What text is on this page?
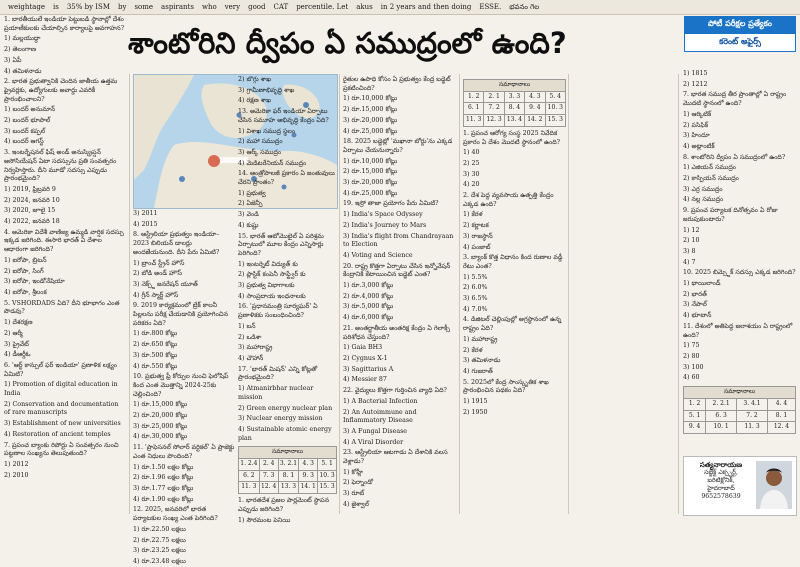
weightage is 35% by ISM by some aspirants who very good CAT percentile. Let akus in 2 years and then doing ESSE. భవనం గెల
శాంటోరిని ద్వీపం ఏ సముద్రంలో ఉంది?
పోటీ పరీక్షల ప్రత్యేకం
కరెంట్ అఫైర్స్

1. బారతీయులే ఇండియా పెట్టుబడి స్థానాల్లో దేశం ప్రయాణీకులకు చేయాల్సిన కార్యాలపై అవగాహన?

1) మల్లయుద్ధా

2) తెలంగాణ

3) ఏపీ

4) తమిళనాడు

2. భారత ప్రభుత్వానికి చెందిన జాతీయ ఉత్తమ ఫ్రైవర్లకు, ఉద్యోగులకు అవార్డు ఎవరికీ ప్రారంభించాలని?

1) బందర్ అనుమాన్

2) బందర్ భూపాల్

3) బందర్ కప్పల్

4) బందర్ ఆగస్ట్

3. ఇంటర్నేషనల్ ఫిష్ అండ్ అనుస్క్రిప్షన్ అసోసియేషన్ ఏటా సదస్సును ప్రతి సంవత్సరం నిర్వహిస్తారు. దీని మూడో సదస్సు ఎప్పుడు ప్రారంభమైంది?

1) 2019, ఫ్రిబ్రవరి 9

2) 2024, జనవరి 10

3) 2020, జూలై 15

4) 2022, జనవరి 18

4. అమెరికా విదేశీ వాణిజ్య ఉమ్మడి వార్షిక సదస్సు ఇక్కడ జరిగింది. ఈసారి భారత్ ఏ దేశాల ఆధారంగా జరిగింది?

1) ఐరోపా, బ్రిటన్

2) ఐరోపా, సింగ్

3) ఐరోపా, ఇండోనేషియా

4) ఐరోపా, శ్రీలంక

5. VSHORDADS ఏది? దీని భూభాగం ఎంత పొడవు?

1) దేశరక్షణ

2) ఆర్మీ

3) ప్రైవేట్

4) డీఆర్డీఓ

6. 'ఆర్ట్ కాన్సుల్ ఫర్ ఇండియా' ప్రణాళిక లక్ష్యం ఏమిటి?

1) Promotion of digital education in India

2) Conservation and documentation of rare manuscripts

3) Establishment of new universities

4) Restoration of ancient temples

7. ప్రపంచ బ్యాంకు రిపోర్టు ఏ సంవత్సరం నుంచి పట్టణాల సంఖ్యను తెలుపుతుంది?

1) 2012

2) 2010

3) 2011

4) 2015

8. ఆస్ట్రేలియా ప్రభుత్వం ఇండియా–2023 బిలియన్ డాలర్లు అందజేయనుంది. దీని పేరు ఏమిటి?

1) బ్రాంచ్ స్ట్రీన్ హౌస్

2) బోడి అండ్ హౌస్

3) నెక్స్ట్ జనరేషన్ యూత్

4) గ్రీన్ స్మార్ట్ హౌస్

9. 2019 కార్యక్రమంలో బ్రేక్ కాలనీ పిల్లలను పరీక్ష చేయడానికి ప్రయోగించిన పరికరం ఏది?

1) రూ.800 కోట్లు

2) రూ.650 కోట్లు

3) రూ.500 కోట్లు

4) రూ.550 కోట్లు

10. ప్రభుత్వ ఫ్రీ కోర్సుల నుంచి ఫెలోషిప్ కింద ఎంత మొత్తాన్ని 2024-25కు చెల్లించింది?

1) రూ.15,000 కోట్లు

2) రూ.20,000 కోట్లు

3) రూ.25,000 కోట్లు

4) రూ.30,000 కోట్లు

11. 'ప్రాఫెసనల్ సోలార్ వర్టికల్' ఏ ప్రాజెక్టు ఎంత నిధులు పొందింది?

1) రూ.1.50 లక్షల కోట్లు

2) రూ.1.96 లక్షల కోట్లు

3) రూ.1.77 లక్షల కోట్లు

4) రూ.1.90 లక్షల కోట్లు

12. 2025, జనవరిలో భారత పర్యాటకుల సంఖ్య ఎంత పెరిగింది?

1) రూ.22.50 లక్షలు

2) రూ.22.75 లక్షలు

3) రూ.23.25 లక్షలు

4) రూ.23.48 లక్షలు

2) బొగ్గు శాఖ

3) గ్రామీణాభివృద్ధి శాఖ

4) రక్షణ శాఖ

13. అమెరికా ఫర్ ఇండియా ఏర్పాటు చేసిన సమూహ అభివృద్ధి కేంద్రం ఏది?

1) విశాఖ సముద్ర స్థలం

2) మహా సముద్రం

3) ఆర్క్ సముద్రం

4) మెడిటరేనియన్ సముద్రం

14. ఆంత్రోపాలజీ ప్రకారం ఏ జంతువులు చేరని ప్రాంతం?

1) ప్రభుత్వ

2) ఏజెన్సీ

3) వెండి

4) కుష్టు

15. భారత్ ఆటోమొబైల్ ఏ పరిశ్రమ ఏర్పాటులో మూల కేంద్రం ఎన్నిసార్లు పెరిగింది?

1) ఇంటర్నెట్ విద్యుత్ కు

2) ప్లాస్టిక్ కంపెనీ సాఫ్ట్వేర్ కు

3) ప్రభుత్వ విభాగాలకు

4) సాంప్రదాయ ఇంధనాలకు

16. 'ప్రధానమంత్రి సూర్యఘర్' ఏ ప్రణాళికకు సంబంధించింది?

1) బన్

2) ఒడిశా

3) మహారాష్ట్ర

4) చౌహాన్

17. 'భారత్ మిషన్' ఎన్ని కోట్లతో ప్రారంభమైంది?

1) Atmanirbhar nuclear mission

2) Green energy nuclear plan

3) Nuclear energy mission

4) Sustainable atomic energy plan

సమాధానాలు				
1. 2.4	2. 4	3. 2.1	4. 3	5. 1
6. 2	7. 3	8. 1	9. 3	10. 3
11. 3	12. 4	13. 3	14. 1	15. 3

1. భారతదేశ ప్రజల పార్లమెంట్ స్థాపన ఎప్పుడు జరిగింది?

1) సౌరమంట పెనియి

రైతుల ఉపాధి కోసం ఏ ప్రభుత్వం కేంద్ర బడ్జెట్ ప్రకటించింది?

1) రూ.10,000 కోట్లు

2) రూ.15,000 కోట్లు

3) రూ.20,000 కోట్లు

4) రూ.25,000 కోట్లు

18. 2025 బడ్జెట్లో 'మఖానా బోర్డు'ను ఎక్కడ ఏర్పాటు చేయనున్నారు?

1) రూ.10,000 కోట్లు

2) రూ.15,000 కోట్లు

3) రూ.20,000 కోట్లు

4) రూ.25,000 కోట్లు

19. ఇస్రో తాజా ప్రయోగం పేరు ఏమిటి?

1) India's Space Odyssey

2) India's Journey to Mars

3) India's flight from Chandrayaan to Election

4) Voting and Science

20. రాష్ట్ర కొత్తగా ఏర్పాటు చేసిన ఇన్నోవేషన్ కేంద్రానికి కేటాయించిన బడ్జెట్ ఎంత?

1) రూ.3,000 కోట్లు

2) రూ.4,000 కోట్లు

3) రూ.5,000 కోట్లు

4) రూ.6,000 కోట్లు

21. అంతర్జాతీయ అంతరిక్ష కేంద్రం ఏ గెలాక్సీ పరిశోధన చేస్తుంది?

1) Gaia BH3

2) Cygnus X-1

3) Sagittarius A

4) Messier 87

22. వైద్యులు కొత్తగా గుర్తించిన వ్యాధి ఏది?

1) A Bacterial Infection

2) An Autoimmune and Inflammatory Disease

3) A Fungal Disease

4) A Viral Disorder

23. ఆస్ట్రేలియా ఆటగాడు ఏ దేశానికి వలస వెళ్లాడు?

1) కోహ్లీ

2) ఫెర్నాండో

3) రూట్

4) జైశ్వాల్

సమాధానాలు				
1. 2	2. 1	3. 3	4. 3	5. 4
6. 1	7. 2	8. 4	9. 4	10. 3
11. 3	12. 3	13. 4	14. 2	15. 3

1. ప్రపంచ ఆరోగ్య సంస్థ 2025 నివేదిక ప్రకారం ఏ దేశం మొదటి స్థానంలో ఉంది?

1) 40

2) 25

3) 30

4) 20

2. దేశ పెద్ద వ్యవసాయ ఉత్పత్తి కేంద్రం ఎక్కడ ఉంది?

1) కేరళ

2) కర్ణాటక

3) రాజస్థాన్

4) పంజాబ్

3. బ్యాంక్ కొత్త విధానం కింద రుణాల వడ్డీ రేటు ఎంత?

1) 5.5%

2) 6.0%

3) 6.5%

4) 7.0%

4. డిజిటల్ చెల్లింపుల్లో అగ్రస్థానంలో ఉన్న రాష్ట్రం ఏది?

1) మహారాష్ట్ర

2) కేరళ

3) తమిళనాడు

4) గుజరాత్

5. 2025లో కేంద్ర సాంస్కృతిక శాఖ ప్రారంభించిన పథకం ఏది?

1) 1915

2) 1950

1) 1815

2) 1212

7. భారత సముద్ర తీర ప్రాంతాల్లో ఏ రాష్ట్రం మొదటి స్థానంలో ఉంది?

1) ఆర్కిటిక్

2) పసిఫిక్

3) హిందూ

4) అట్లాంటిక్

8. శాంటోరిని ద్వీపం ఏ సముద్రంలో ఉంది?

1) ఎజియన్ సముద్రం

2) కాస్పియన్ సముద్రం

3) ఎర్ర సముద్రం

4) నల్ల సముద్రం

9. ప్రపంచ పర్యాటక దినోత్సవం ఏ రోజు జరుపుకుంటారు?

1) 12

2) 10

3) 8

4) 7

10. 2025 బిమ్స్టెక్ సదస్సు ఎక్కడ జరిగింది?

1) థాయిలాండ్

2) భారత్

3) నేపాల్

4) భూటాన్

11. దేశంలో అతిపెద్ద జలాశయం ఏ రాష్ట్రంలో ఉంది?

1) 75

2) 80

3) 100

4) 60

సమాధానాలు			
1. 2	2. 2.1	3. 4.1	4. 4
5. 1	6. 3	7. 2	8. 1
9. 4	10. 1	11. 3	12. 4
సత్యనారాయణ
సబ్జెక్ట్ ఎక్స్పర్ట్,
బరిటిక్లోనిక్,
హైదరాబాద్
9652578639
